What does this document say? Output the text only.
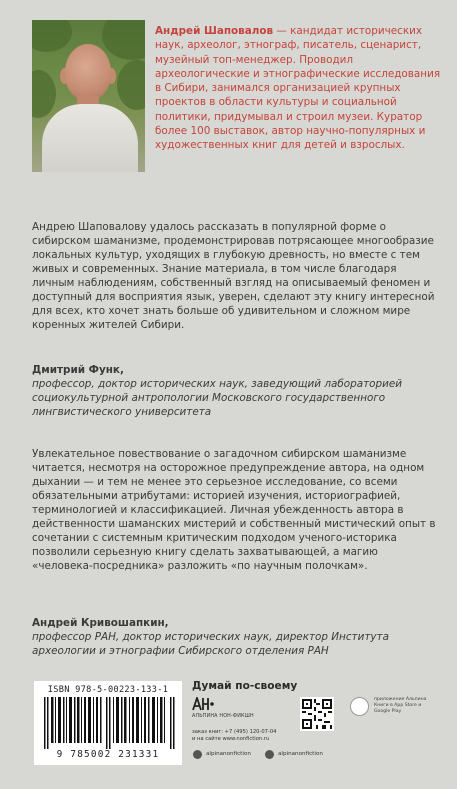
Андрей Шаповалов — кандидат исторических наук, археолог, этнограф, писатель, сценарист, музейный топ-менеджер. Проводил археологические и этнографические исследования в Сибири, занимался организацией крупных проектов в области культуры и социальной политики, придумывал и строил музеи. Куратор более 100 выставок, автор научно-популярных и художественных книг для детей и взрослых.
Андрею Шаповалову удалось рассказать в популярной форме о сибирском шаманизме, продемонстрировав потрясающее многообразие локальных культур, уходящих в глубокую древность, но вместе с тем живых и современных. Знание материала, в том числе благодаря личным наблюдениям, собственный взгляд на описываемый феномен и доступный для восприятия язык, уверен, сделают эту книгу интересной для всех, кто хочет знать больше об удивительном и сложном мире коренных жителей Сибири.
Дмитрий Функ,
профессор, доктор исторических наук, заведующий лабораторией социокультурной антропологии Московского государственного лингвистического университета
Увлекательное повествование о загадочном сибирском шаманизме читается, несмотря на осторожное предупреждение автора, на одном дыхании — и тем не менее это серьезное исследование, со всеми обязательными атрибутами: историей изучения, историографией, терминологией и классификацией. Личная убежденность автора в действенности шаманских мистерий и собственный мистический опыт в сочетании с системным критическим подходом ученого-историка позволили серьезную книгу сделать захватывающей, а магию «человека-посредника» разложить «по научным полочкам».
Андрей Кривошапкин,
профессор РАН, доктор исторических наук, директор Института археологии и этнографии Сибирского отделения РАН
ISBN 978-5-00223-133-1
9 785002 231331
Думай по-своему
АЛЬПИНА НОН-ФИКШН
заказ книг: +7 (495) 120-07-04
и на сайте www.nonfiction.ru
приложение Альпина Книги в App Store и Google Play
alpinanonfiction	alpinanonfiction
